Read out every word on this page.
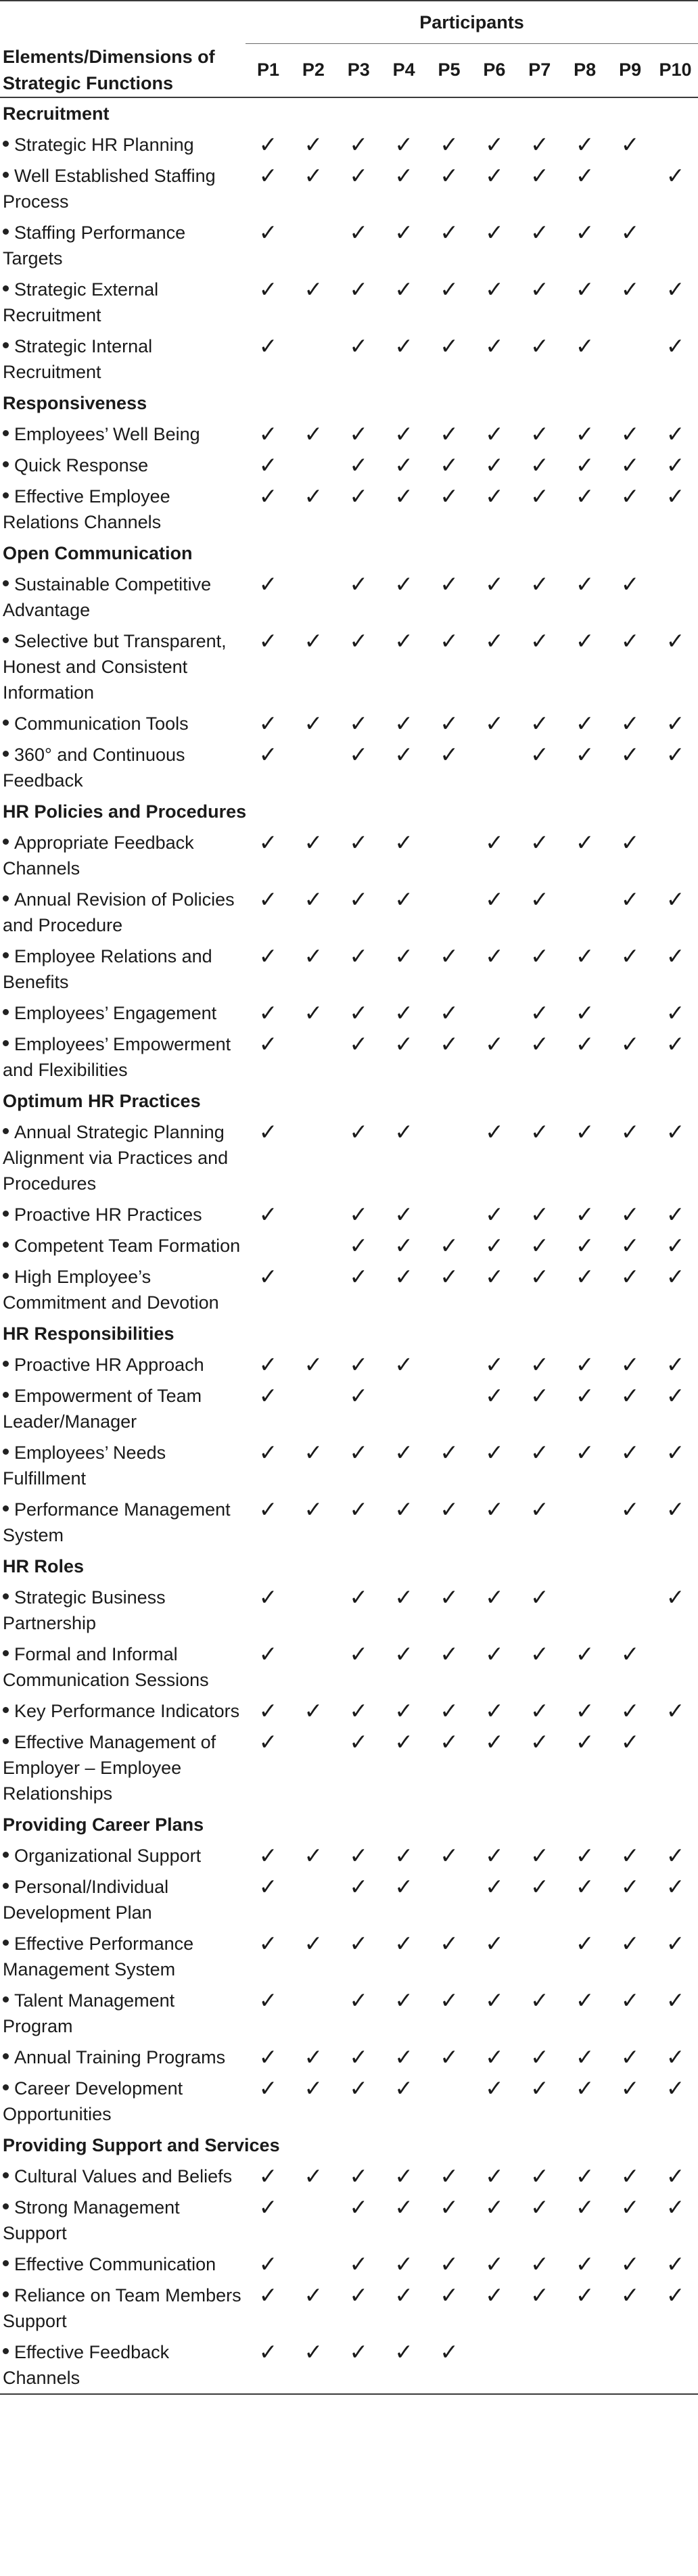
	Participants									
Elements/Dimensions of Strategic Functions	P1	P2	P3	P4	P5	P6	P7	P8	P9	P10
Recruitment										
Strategic HR Planning	✓	✓	✓	✓	✓	✓	✓	✓	✓	
Well Established Staffing Process	✓	✓	✓	✓	✓	✓	✓	✓		✓
Staffing Performance Targets	✓		✓	✓	✓	✓	✓	✓	✓	
Strategic External Recruitment	✓	✓	✓	✓	✓	✓	✓	✓	✓	✓
Strategic Internal Recruitment	✓		✓	✓	✓	✓	✓	✓		✓
Responsiveness										
Employees’ Well Being	✓	✓	✓	✓	✓	✓	✓	✓	✓	✓
Quick Response	✓		✓	✓	✓	✓	✓	✓	✓	✓
Effective Employee Relations Channels	✓	✓	✓	✓	✓	✓	✓	✓	✓	✓
Open Communication										
Sustainable Competitive Advantage	✓		✓	✓	✓	✓	✓	✓	✓	
Selective but Transparent, Honest and Consistent Information	✓	✓	✓	✓	✓	✓	✓	✓	✓	✓
Communication Tools	✓	✓	✓	✓	✓	✓	✓	✓	✓	✓
360° and Continuous Feedback	✓		✓	✓	✓		✓	✓	✓	✓
HR Policies and Procedures										
Appropriate Feedback Channels	✓	✓	✓	✓		✓	✓	✓	✓	
Annual Revision of Policies and Procedure	✓	✓	✓	✓		✓	✓		✓	✓
Employee Relations and Benefits	✓	✓	✓	✓	✓	✓	✓	✓	✓	✓
Employees’ Engagement	✓	✓	✓	✓	✓		✓	✓		✓
Employees’ Empowerment and Flexibilities	✓		✓	✓	✓	✓	✓	✓	✓	✓
Optimum HR Practices										
Annual Strategic Planning Alignment via Practices and Procedures	✓		✓	✓		✓	✓	✓	✓	✓
Proactive HR Practices	✓		✓	✓		✓	✓	✓	✓	✓
Competent Team Formation			✓	✓	✓	✓	✓	✓	✓	✓
High Employee’s Commitment and Devotion	✓		✓	✓	✓	✓	✓	✓	✓	✓
HR Responsibilities										
Proactive HR Approach	✓	✓	✓	✓		✓	✓	✓	✓	✓
Empowerment of Team Leader/Manager	✓		✓			✓	✓	✓	✓	✓
Employees’ Needs Fulfillment	✓	✓	✓	✓	✓	✓	✓	✓	✓	✓
Performance Management System	✓	✓	✓	✓	✓	✓	✓		✓	✓
HR Roles										
Strategic Business Partnership	✓		✓	✓	✓	✓	✓			✓
Formal and Informal Communication Sessions	✓		✓	✓	✓	✓	✓	✓	✓	
Key Performance Indicators	✓	✓	✓	✓	✓	✓	✓	✓	✓	✓
Effective Management of Employer – Employee Relationships	✓		✓	✓	✓	✓	✓	✓	✓	
Providing Career Plans										
Organizational Support	✓	✓	✓	✓	✓	✓	✓	✓	✓	✓
Personal/Individual Development Plan	✓		✓	✓		✓	✓	✓	✓	✓
Effective Performance Management System	✓	✓	✓	✓	✓	✓		✓	✓	✓
Talent Management Program	✓		✓	✓	✓	✓	✓	✓	✓	✓
Annual Training Programs	✓	✓	✓	✓	✓	✓	✓	✓	✓	✓
Career Development Opportunities	✓	✓	✓	✓		✓	✓	✓	✓	✓
Providing Support and Services										
Cultural Values and Beliefs	✓	✓	✓	✓	✓	✓	✓	✓	✓	✓
Strong Management Support	✓		✓	✓	✓	✓	✓	✓	✓	✓
Effective Communication	✓		✓	✓	✓	✓	✓	✓	✓	✓
Reliance on Team Members Support	✓	✓	✓	✓	✓	✓	✓	✓	✓	✓
Effective Feedback Channels	✓	✓	✓	✓	✓					
